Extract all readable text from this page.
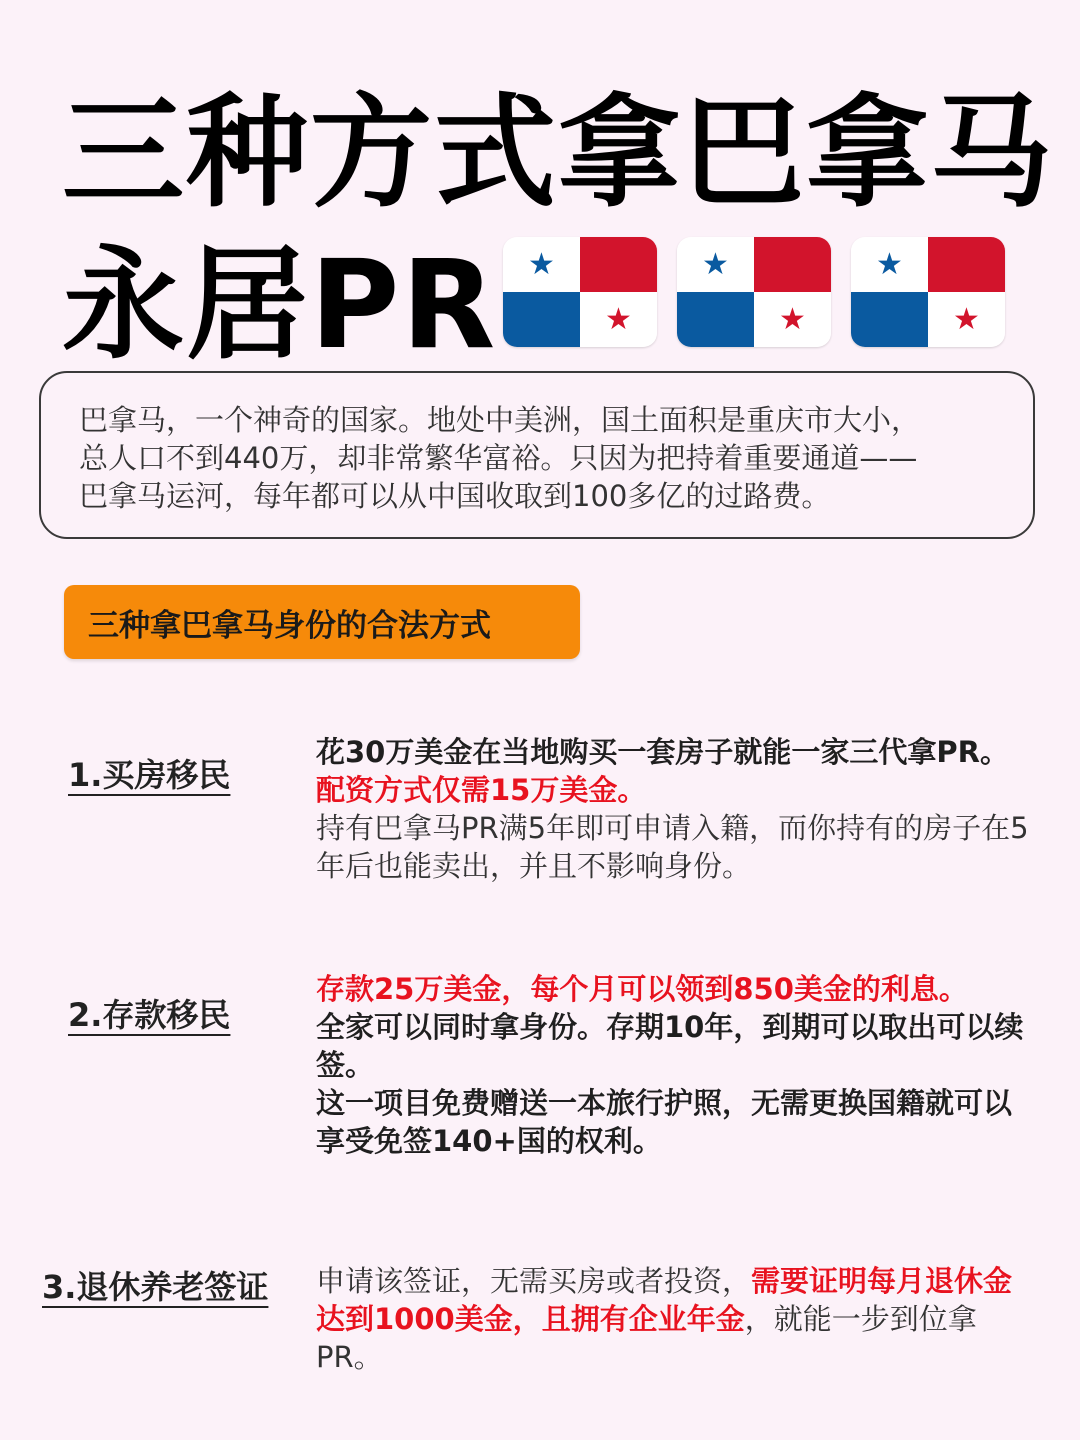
三种方式拿巴拿马
永居PR	★
★
★
★
★
★

巴拿马，一个神奇的国家。地处中美洲，国土面积是重庆市大小，

总人口不到440万，却非常繁华富裕。只因为把持着重要通道——

巴拿马运河，每年都可以从中国收取到100多亿的过路费。

三种拿巴拿马身份的合法方式
1.买房移民

花30万美金在当地购买一套房子就能一家三代拿PR。配资方式仅需15万美金。

持有巴拿马PR满5年即可申请入籍，而你持有的房子在5年后也能卖出，并且不影响身份。

2.存款移民

存款25万美金，每个月可以领到850美金的利息。

全家可以同时拿身份。存期10年，到期可以取出可以续签。

这一项目免费赠送一本旅行护照，无需更换国籍就可以享受免签140+国的权利。

3.退休养老签证 申请该签证，无需买房或者投资，需要证明每月退休金达到1000美金，且拥有企业年金，就能一步到位拿PR。
